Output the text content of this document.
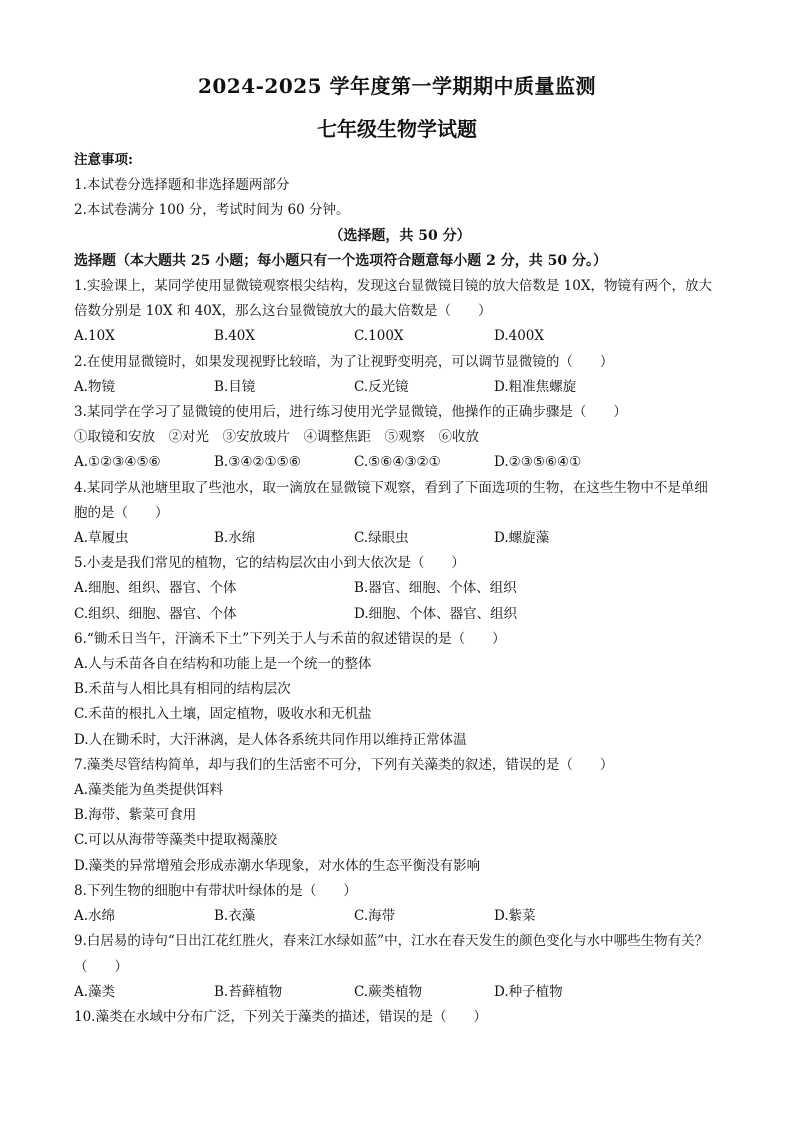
2024-2025 学年度第一学期期中质量监测
七年级生物学试题
注意事项:
1.本试卷分选择题和非选择题两部分
2.本试卷满分 100 分，考试时间为 60 分钟。
（选择题，共 50 分）
选择题（本大题共 25 小题；每小题只有一个选项符合题意每小题 2 分，共 50 分。）
1.实验课上，某同学使用显微镜观察根尖结构，发现这台显微镜目镜的放大倍数是 10X，物镜有两个，放大
倍数分别是 10X 和 40X，那么这台显微镜放大的最大倍数是（　　）
A.10X	B.40X	C.100X	D.400X
2.在使用显微镜时，如果发现视野比较暗，为了让视野变明亮，可以调节显微镜的（　　）
A.物镜	B.目镜	C.反光镜	D.粗准焦螺旋
3.某同学在学习了显微镜的使用后，进行练习使用光学显微镜，他操作的正确步骤是（　　）
①取镜和安放　②对光　③安放玻片　④调整焦距　⑤观察　⑥收放
A.①②③④⑤⑥	B.③④②①⑤⑥	C.⑤⑥④③②①	D.②③⑤⑥④①
4.某同学从池塘里取了些池水，取一滴放在显微镜下观察，看到了下面选项的生物，在这些生物中不是单细
胞的是（　　）
A.草履虫	B.水绵	C.绿眼虫	D.螺旋藻
5.小麦是我们常见的植物，它的结构层次由小到大依次是（　　）
A.细胞、组织、器官、个体	B.器官、细胞、个体、组织
C.组织、细胞、器官、个体	D.细胞、个体、器官、组织
6.“锄禾日当午，汗滴禾下土”下列关于人与禾苗的叙述错误的是（　　）
A.人与禾苗各自在结构和功能上是一个统一的整体
B.禾苗与人相比具有相同的结构层次
C.禾苗的根扎入土壤，固定植物，吸收水和无机盐
D.人在锄禾时，大汗淋漓，是人体各系统共同作用以维持正常体温
7.藻类尽管结构简单，却与我们的生活密不可分，下列有关藻类的叙述，错误的是（　　）
A.藻类能为鱼类提供饵料
B.海带、紫菜可食用
C.可以从海带等藻类中提取褐藻胶
D.藻类的异常增殖会形成赤潮水华现象，对水体的生态平衡没有影响
8.下列生物的细胞中有带状叶绿体的是（　　）
A.水绵	B.衣藻	C.海带	D.紫菜
9.白居易的诗句“日出江花红胜火，春来江水绿如蓝”中，江水在春天发生的颜色变化与水中哪些生物有关？
（　　）
A.藻类	B.苔藓植物	C.蕨类植物	D.种子植物
10.藻类在水域中分布广泛，下列关于藻类的描述，错误的是（　　）
